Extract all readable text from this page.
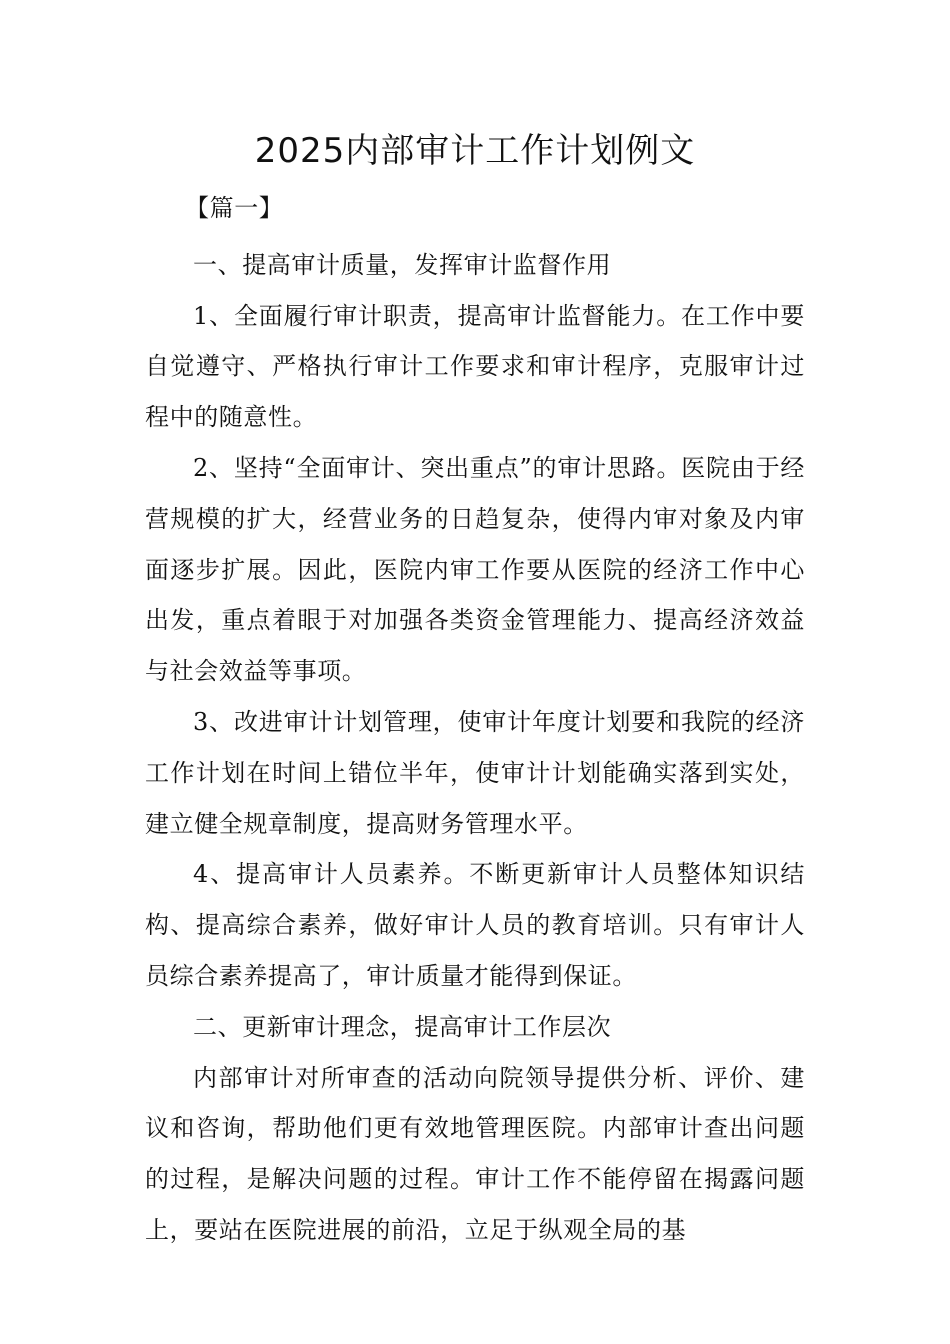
2025内部审计工作计划例文

【篇一】

一、提高审计质量，发挥审计监督作用

1、全面履行审计职责，提高审计监督能力。在工作中要自觉遵守、严格执行审计工作要求和审计程序，克服审计过程中的随意性。

2、坚持“全面审计、突出重点”的审计思路。医院由于经营规模的扩大，经营业务的日趋复杂，使得内审对象及内审面逐步扩展。因此，医院内审工作要从医院的经济工作中心出发，重点着眼于对加强各类资金管理能力、提高经济效益与社会效益等事项。

3、改进审计计划管理，使审计年度计划要和我院的经济工作计划在时间上错位半年，使审计计划能确实落到实处，建立健全规章制度，提高财务管理水平。

4、提高审计人员素养。不断更新审计人员整体知识结构、提高综合素养，做好审计人员的教育培训。只有审计人员综合素养提高了，审计质量才能得到保证。

二、更新审计理念，提高审计工作层次

内部审计对所审查的活动向院领导提供分析、评价、建议和咨询，帮助他们更有效地管理医院。内部审计查出问题的过程，是解决问题的过程。审计工作不能停留在揭露问题上，要站在医院进展的前沿，立足于纵观全局的基
